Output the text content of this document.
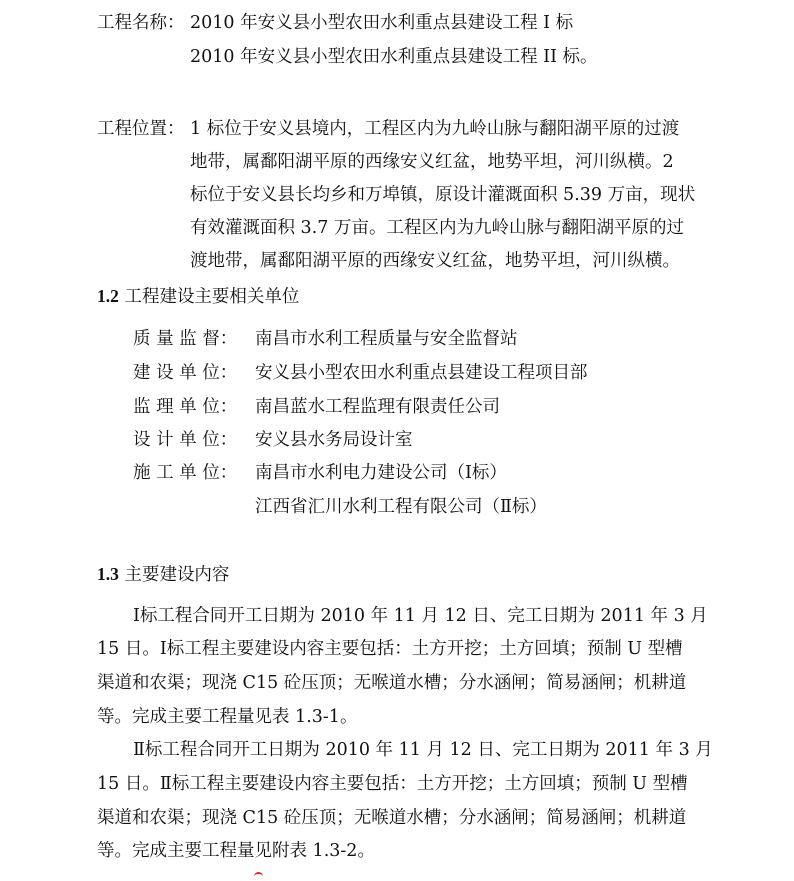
工程名称： 2010 年安义县小型农田水利重点县建设工程 I 标
2010 年安义县小型农田水利重点县建设工程 II 标。
工程位置： 1 标位于安义县境内，工程区内为九岭山脉与翻阳湖平原的过渡
地带，属鄱阳湖平原的西缘安义红盆，地势平坦，河川纵横。2
标位于安义县长均乡和万埠镇，原设计灌溉面积 5.39 万亩，现状
有效灌溉面积 3.7 万亩。工程区内为九岭山脉与翻阳湖平原的过
渡地带，属鄱阳湖平原的西缘安义红盆，地势平坦，河川纵横。
1.2 工程建设主要相关单位
质 量 监 督： 南昌市水利工程质量与安全监督站
建 设 单 位： 安义县小型农田水利重点县建设工程项目部
监 理 单 位： 南昌蓝水工程监理有限责任公司
设 计 单 位： 安义县水务局设计室
施 工 单 位： 南昌市水利电力建设公司（Ⅰ标）
江西省汇川水利工程有限公司（Ⅱ标）
1.3 主要建设内容
Ⅰ标工程合同开工日期为 2010 年 11 月 12 日、完工日期为 2011 年 3 月
15 日。Ⅰ标工程主要建设内容主要包括：土方开挖；土方回填；预制 U 型槽
渠道和农渠；现浇 C15 砼压顶；无喉道水槽；分水涵闸；简易涵闸；机耕道
等。完成主要工程量见表 1.3-1。
Ⅱ标工程合同开工日期为 2010 年 11 月 12 日、完工日期为 2011 年 3 月
15 日。Ⅱ标工程主要建设内容主要包括：土方开挖；土方回填；预制 U 型槽
渠道和农渠；现浇 C15 砼压顶；无喉道水槽；分水涵闸；简易涵闸；机耕道
等。完成主要工程量见附表 1.3-2。
